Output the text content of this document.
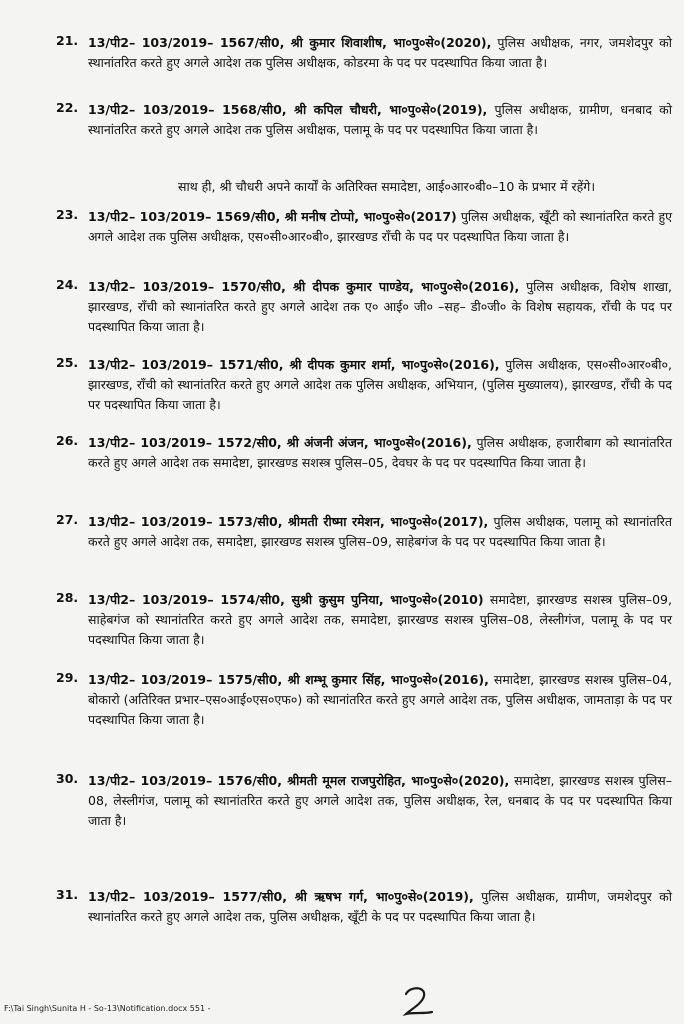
21. 13/पी2– 103/2019– 1567/सी0, श्री कुमार शिवाशीष, भा०पु०से०(2020), पुलिस अधीक्षक, नगर, जमशेदपुर को स्थानांतरित करते हुए अगले आदेश तक पुलिस अधीक्षक, कोडरमा के पद पर पदस्थापित किया जाता है।
22. 13/पी2– 103/2019– 1568/सी0, श्री कपिल चौधरी, भा०पु०से०(2019), पुलिस अधीक्षक, ग्रामीण, धनबाद को स्थानांतरित करते हुए अगले आदेश तक पुलिस अधीक्षक, पलामू के पद पर पदस्थापित किया जाता है।
साथ ही, श्री चौधरी अपने कार्यों के अतिरिक्त समादेष्टा, आई०आर०बी०–10 के प्रभार में रहेंगे।
23. 13/पी2– 103/2019– 1569/सी0, श्री मनीष टोप्पो, भा०पु०से०(2017) पुलिस अधीक्षक, खूँटी को स्थानांतरित करते हुए अगले आदेश तक पुलिस अधीक्षक, एस०सी०आर०बी०, झारखण्ड राँची के पद पर पदस्थापित किया जाता है।
24. 13/पी2– 103/2019– 1570/सी0, श्री दीपक कुमार पाण्डेय, भा०पु०से०(2016), पुलिस अधीक्षक, विशेष शाखा, झारखण्ड, राँची को स्थानांतरित करते हुए अगले आदेश तक ए० आई० जी० –सह– डी०जी० के विशेष सहायक, राँची के पद पर पदस्थापित किया जाता है।
25. 13/पी2– 103/2019– 1571/सी0, श्री दीपक कुमार शर्मा, भा०पु०से०(2016), पुलिस अधीक्षक, एस०सी०आर०बी०, झारखण्ड, राँची को स्थानांतरित करते हुए अगले आदेश तक पुलिस अधीक्षक, अभियान, (पुलिस मुख्यालय), झारखण्ड, राँची के पद पर पदस्थापित किया जाता है।
26. 13/पी2– 103/2019– 1572/सी0, श्री अंजनी अंजन, भा०पु०से०(2016), पुलिस अधीक्षक, हजारीबाग को स्थानांतरित करते हुए अगले आदेश तक समादेष्टा, झारखण्ड सशस्त्र पुलिस–05, देवघर के पद पर पदस्थापित किया जाता है।
27. 13/पी2– 103/2019– 1573/सी0, श्रीमती रीष्मा रमेशन, भा०पु०से०(2017), पुलिस अधीक्षक, पलामू को स्थानांतरित करते हुए अगले आदेश तक, समादेष्टा, झारखण्ड सशस्त्र पुलिस–09, साहेबगंज के पद पर पदस्थापित किया जाता है।
28. 13/पी2– 103/2019– 1574/सी0, सुश्री कुसुम पुनिया, भा०पु०से०(2010) समादेष्टा, झारखण्ड सशस्त्र पुलिस–09, साहेबगंज को स्थानांतरित करते हुए अगले आदेश तक, समादेष्टा, झारखण्ड सशस्त्र पुलिस–08, लेस्लीगंज, पलामू के पद पर पदस्थापित किया जाता है।
29. 13/पी2– 103/2019– 1575/सी0, श्री शम्भू कुमार सिंह, भा०पु०से०(2016), समादेष्टा, झारखण्ड सशस्त्र पुलिस–04, बोकारो (अतिरिक्त प्रभार–एस०आई०एस०एफ०) को स्थानांतरित करते हुए अगले आदेश तक, पुलिस अधीक्षक, जामताड़ा के पद पर पदस्थापित किया जाता है।
30. 13/पी2– 103/2019– 1576/सी0, श्रीमती मूमल राजपुरोहित, भा०पु०से०(2020), समादेष्टा, झारखण्ड सशस्त्र पुलिस–08, लेस्लीगंज, पलामू को स्थानांतरित करते हुए अगले आदेश तक, पुलिस अधीक्षक, रेल, धनबाद के पद पर पदस्थापित किया जाता है।
31. 13/पी2– 103/2019– 1577/सी0, श्री ऋषभ गर्ग, भा०पु०से०(2019), पुलिस अधीक्षक, ग्रामीण, जमशेदपुर को स्थानांतरित करते हुए अगले आदेश तक, पुलिस अधीक्षक, खूँटी के पद पर पदस्थापित किया जाता है।
F:\Tai Singh\Sunita H - So-13\Notification.docx 551 -
